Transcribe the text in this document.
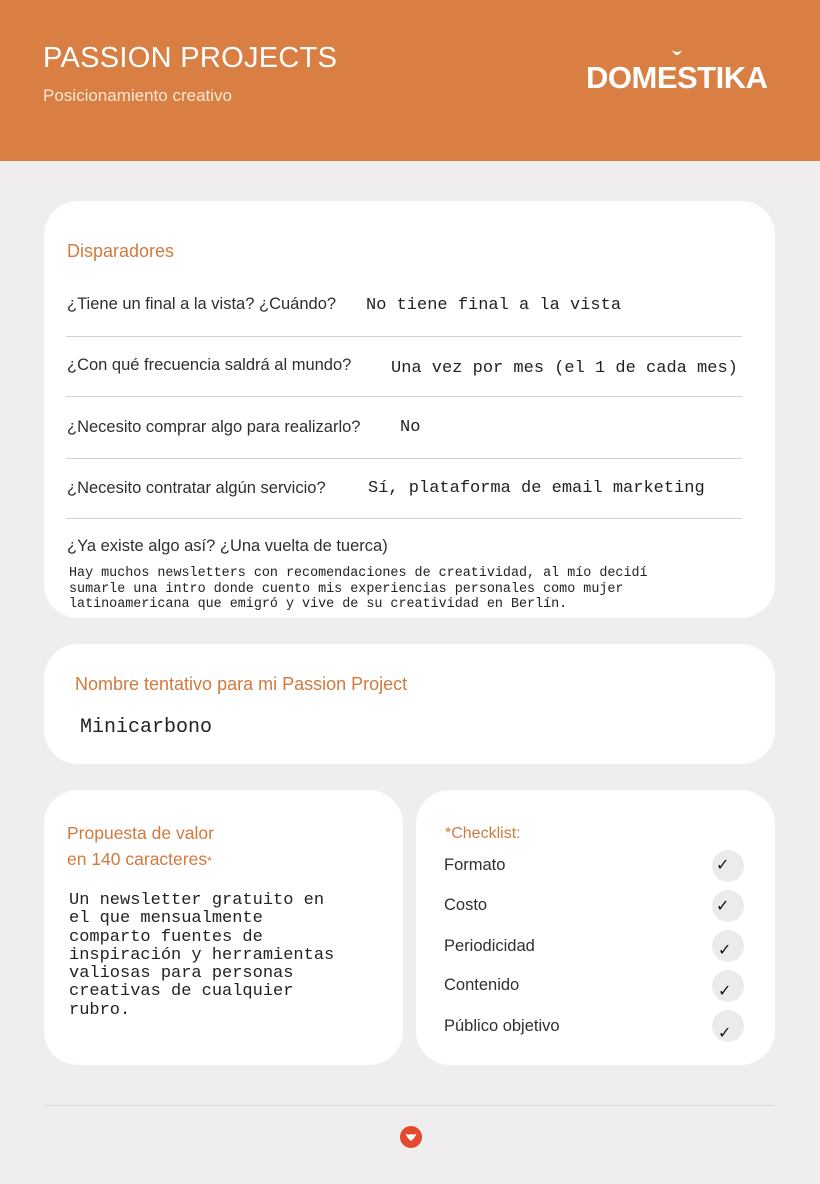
PASSION PROJECTS
Posicionamiento creativo
DOMESTIKA
Disparadores
¿Tiene un final a la vista? ¿Cuándo? No tiene final a la vista
¿Con qué frecuencia saldrá al mundo? Una vez por mes (el 1 de cada mes)
¿Necesito comprar algo para realizarlo? No
¿Necesito contratar algún servicio? Sí, plataforma de email marketing
¿Ya existe algo así? ¿Una vuelta de tuerca)
Hay muchos newsletters con recomendaciones de creatividad, al mío decidí
sumarle una intro donde cuento mis experiencias personales como mujer
latinoamericana que emigró y vive de su creatividad en Berlín.
Nombre tentativo para mi Passion Project
Minicarbono
Propuesta de valor
en 140 caracteres*
Un newsletter gratuito en
el que mensualmente
comparto fuentes de
inspiración y herramientas
valiosas para personas
creativas de cualquier
rubro.
*Checklist:
Formato	✓
Costo	✓
Periodicidad	✓
Contenido	✓
Público objetivo	✓
